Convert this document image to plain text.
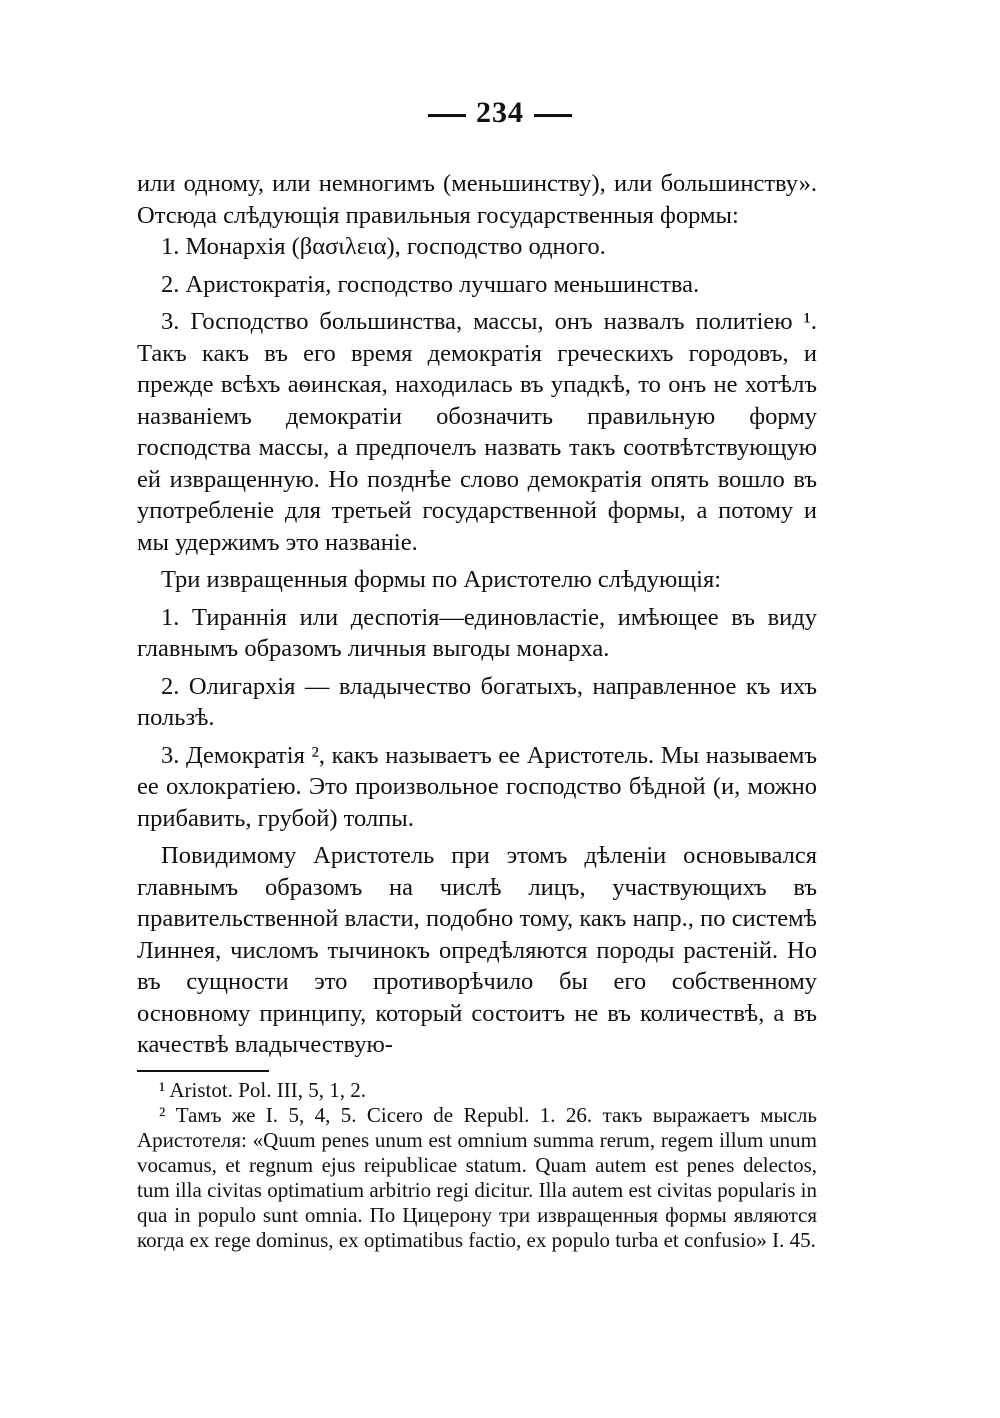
234

или одному, или немногимъ (меньшинству), или большинству». Отсюда слѣдующія правильныя государственныя формы:

1. Монархія (βασιλεια), господство одного.

2. Аристократія, господство лучшаго меньшинства.

3. Господство большинства, массы, онъ назвалъ политіею ¹. Такъ какъ въ его время демократія греческихъ городовъ, и прежде всѣхъ аѳинская, находилась въ упадкѣ, то онъ не хотѣлъ названіемъ демократіи обозначить правильную форму господства массы, а предпочелъ назвать такъ соотвѣтствующую ей извращенную. Но позднѣе слово демократія опять вошло въ употребленіе для третьей государственной формы, а потому и мы удержимъ это названіе.

Три извращенныя формы по Аристотелю слѣдующія:

1. Тираннія или деспотія—единовластіе, имѣющее въ виду главнымъ образомъ личныя выгоды монарха.

2. Олигархія — владычество богатыхъ, направленное къ ихъ пользѣ.

3. Демократія ², какъ называетъ ее Аристотель. Мы называемъ ее охлократіею. Это произвольное господство бѣдной (и, можно прибавить, грубой) толпы.

Повидимому Аристотель при этомъ дѣленіи основывался главнымъ образомъ на числѣ лицъ, участвующихъ въ правительственной власти, подобно тому, какъ напр., по системѣ Линнея, числомъ тычинокъ опредѣляются породы растеній. Но въ сущности это противорѣчило бы его собственному основному принципу, который состоитъ не въ количествѣ, а въ качествѣ владычествую-

¹ Aristot. Pol. III, 5, 1, 2.

² Тамъ же I. 5, 4, 5. Cicero de Republ. 1. 26. такъ выражаетъ мысль Аристотеля: «Quum penes unum est omnium summa rerum, regem illum unum vocamus, et regnum ejus reipublicae statum. Quam autem est penes delectos, tum illa civitas optimatium arbitrio regi dicitur. Illa autem est civitas popularis in qua in populo sunt omnia. По Цицерону три извращенныя формы являются когда ex rege dominus, ex optimatibus factio, ex populo turba et confusio» I. 45.
